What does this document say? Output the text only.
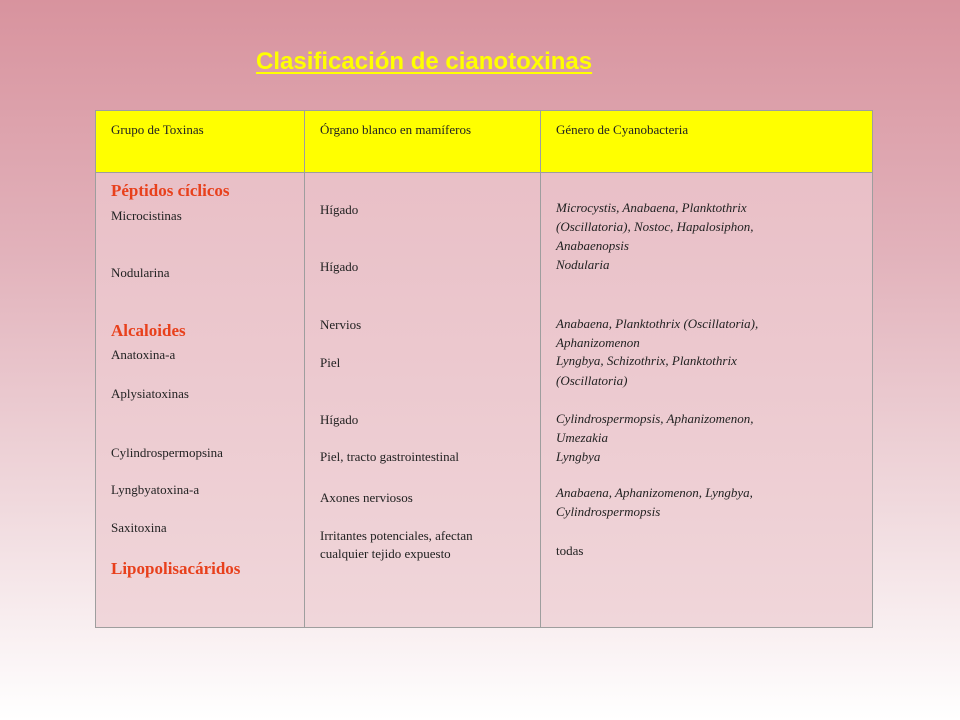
Clasificación de cianotoxinas
Grupo de Toxinas	Órgano blanco en mamíferos	Género de Cyanobacteria
Péptidos cíclicos
Microcistinas
Nodularina
Alcaloides
Anatoxina-a
Aplysiatoxinas
Cylindrospermopsina
Lyngbyatoxina-a
Saxitoxina
Lipopolisacáridos
Hígado
Hígado
Nervios
Piel
Hígado
Piel, tracto gastrointestinal
Axones nerviosos
Irritantes potenciales, afectan
cualquier tejido expuesto
Microcystis, Anabaena, Planktothrix
(Oscillatoria), Nostoc, Hapalosiphon,
Anabaenopsis
Nodularia
Anabaena, Planktothrix (Oscillatoria),
Aphanizomenon
Lyngbya, Schizothrix, Planktothrix
(Oscillatoria)
Cylindrospermopsis, Aphanizomenon,
Umezakia
Lyngbya
Anabaena, Aphanizomenon, Lyngbya,
Cylindrospermopsis
todas
